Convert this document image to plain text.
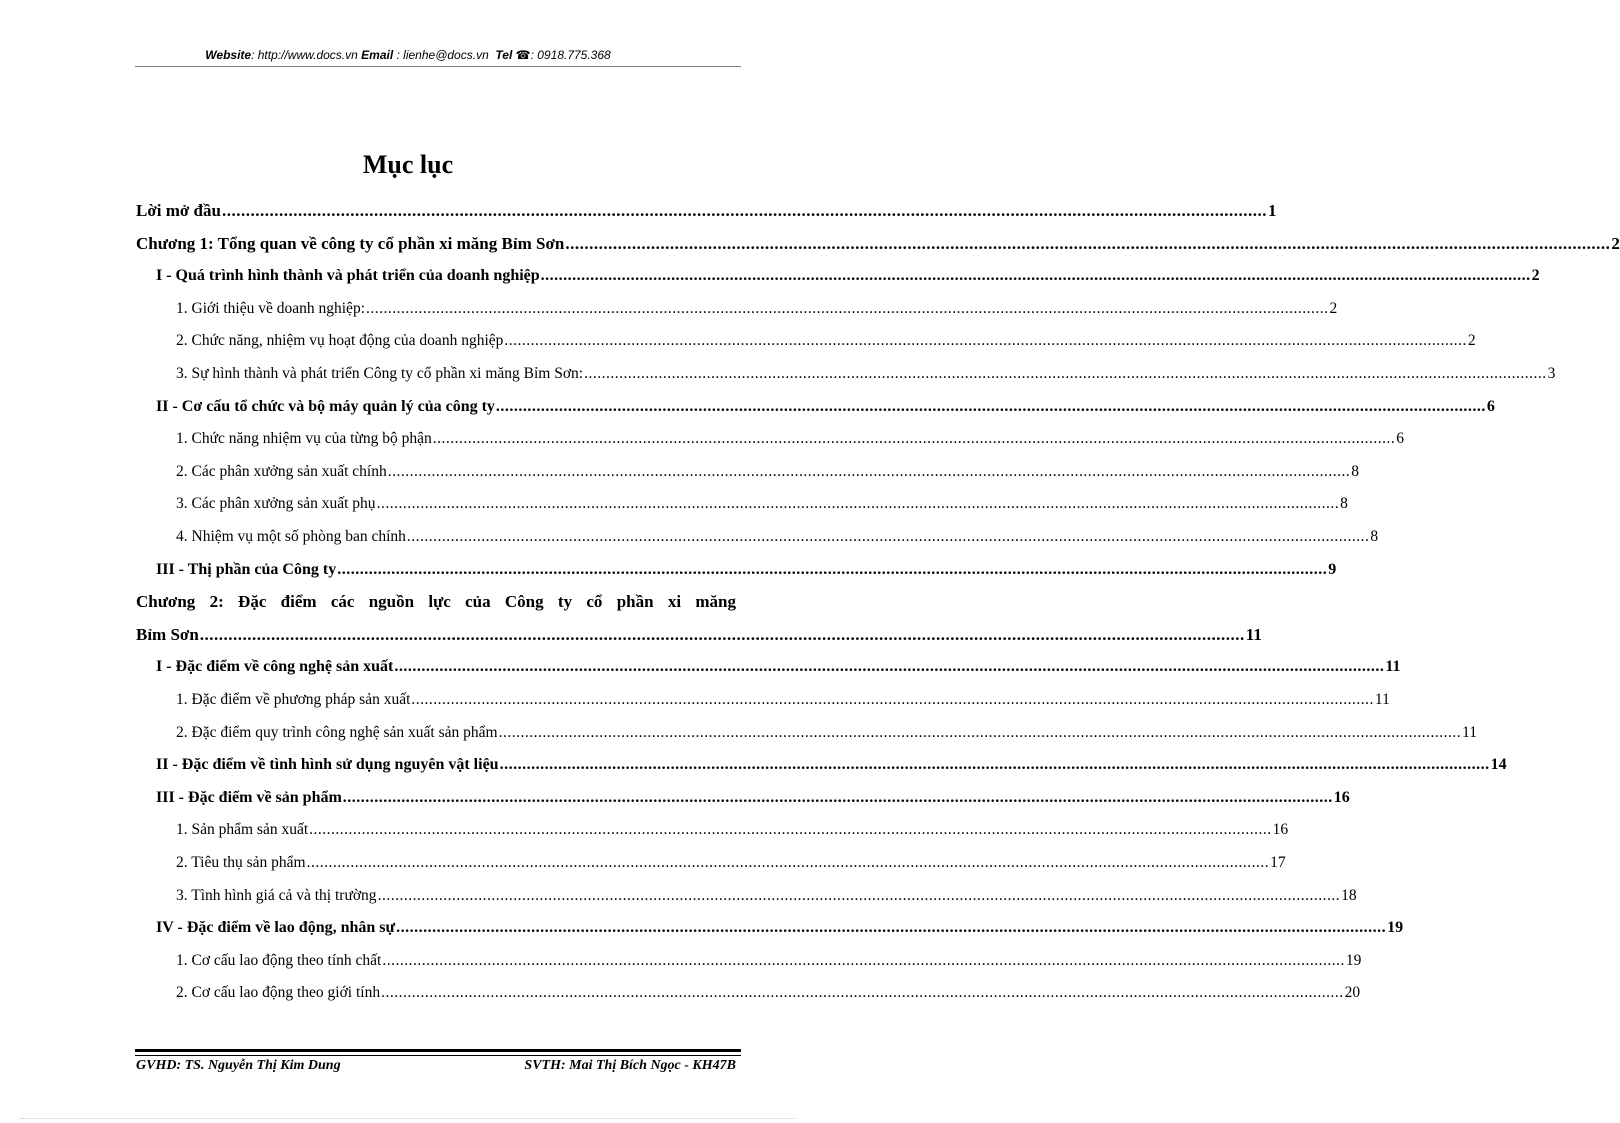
Website: http://www.docs.vn Email : lienhe@docs.vn Tel ☎: 0918.775.368
Mục lục
Lời mở đầu ............................................................................................................................................................................................................................ 1
Chương 1: Tổng quan về công ty cổ phần xi măng Bỉm Sơn ............................................................................................................................................................................................................................ 2
I - Quá trình hình thành và phát triển của doanh nghiệp ............................................................................................................................................................................................................................ 2
1. Giới thiệu về doanh nghiệp: ............................................................................................................................................................................................................................ 2
2. Chức năng, nhiệm vụ hoạt động của doanh nghiệp ............................................................................................................................................................................................................................ 2
3. Sự hình thành và phát triển Công ty cổ phần xi măng Bỉm Sơn: ............................................................................................................................................................................................................................ 3
II - Cơ cấu tổ chức và bộ máy quản lý của công ty ............................................................................................................................................................................................................................ 6
1. Chức năng nhiệm vụ của từng bộ phận ............................................................................................................................................................................................................................ 6
2. Các phân xưởng sản xuất chính ............................................................................................................................................................................................................................ 8
3. Các phân xưởng sản xuất phụ ............................................................................................................................................................................................................................ 8
4. Nhiệm vụ một số phòng ban chính ............................................................................................................................................................................................................................ 8
III - Thị phần của Công ty ............................................................................................................................................................................................................................ 9
Chương 2: Đặc điểm các nguồn lực của Công ty cổ phần xi măng
Bỉm Sơn ............................................................................................................................................................................................................................ 11
I - Đặc điểm về công nghệ sản xuất ............................................................................................................................................................................................................................ 11
1. Đặc điểm về phương pháp sản xuất ............................................................................................................................................................................................................................ 11
2. Đặc điểm quy trình công nghệ sản xuất sản phẩm ............................................................................................................................................................................................................................ 11
II - Đặc điểm về tình hình sử dụng nguyên vật liệu ............................................................................................................................................................................................................................ 14
III - Đặc điểm về sản phẩm ............................................................................................................................................................................................................................ 16
1. Sản phẩm sản xuất ............................................................................................................................................................................................................................ 16
2. Tiêu thụ sản phẩm ............................................................................................................................................................................................................................ 17
3. Tình hình giá cả và thị trường ............................................................................................................................................................................................................................ 18
IV - Đặc điểm về lao động, nhân sự ............................................................................................................................................................................................................................ 19
1. Cơ cấu lao động theo tính chất ............................................................................................................................................................................................................................ 19
2. Cơ cấu lao động theo giới tính ............................................................................................................................................................................................................................ 20
GVHD: TS. Nguyễn Thị Kim Dung	SVTH: Mai Thị Bích Ngọc - KH47B
